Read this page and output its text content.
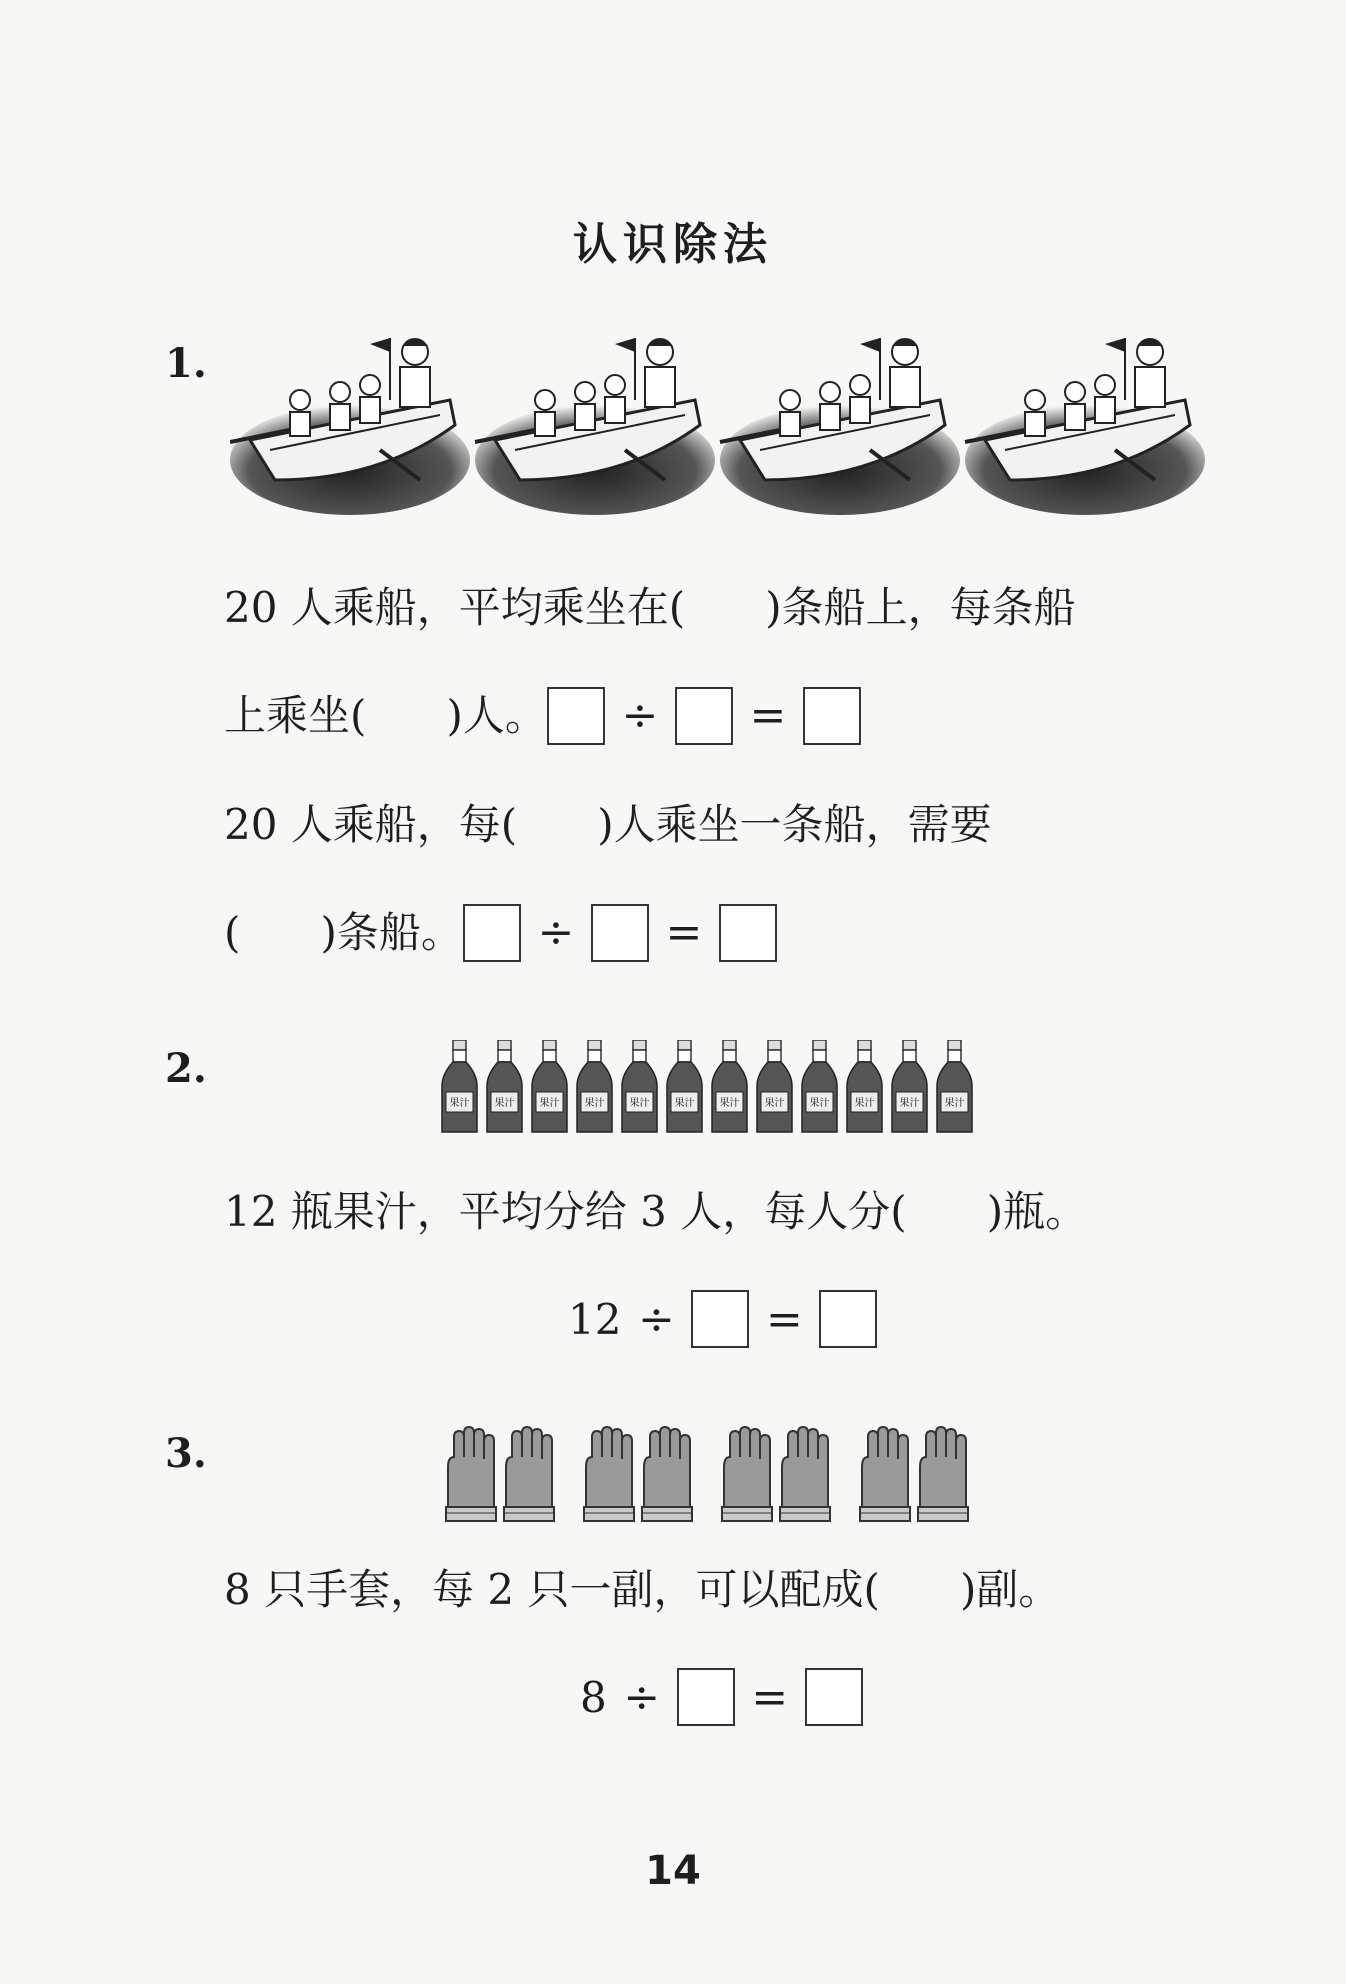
认识除法
1.
20 人乘船，平均乘坐在(      )条船上，每条船
上乘坐(      )人。	÷	=
20 人乘船，每(      )人乘坐一条船，需要
(      )条船。	÷	=
2.
果汁	果汁	果汁	果汁	果汁	果汁	果汁	果汁	果汁	果汁	果汁	果汁
12 瓶果汁，平均分给 3 人，每人分(      )瓶。
12 ÷	=
3.
8 只手套，每 2 只一副，可以配成(      )副。
8 ÷	=
14
